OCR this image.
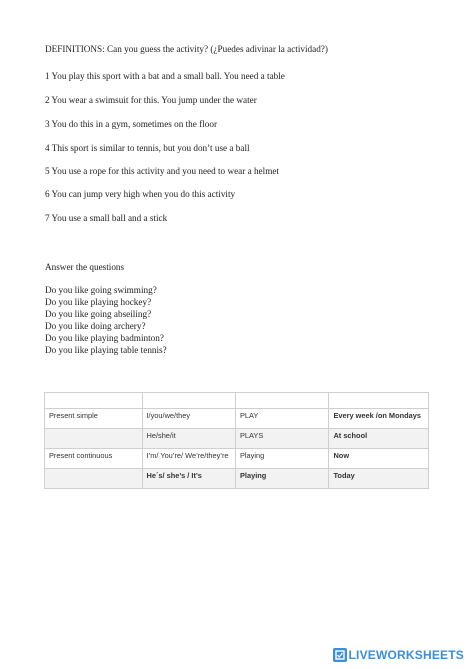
DEFINITIONS: Can you guess the activity? (¿Puedes adivinar la actividad?)
1 You play this sport with a bat and a small ball. You need a table
2 You wear a swimsuit for this. You jump under the water
3 You do this in a gym, sometimes on the floor
4 This sport is similar to tennis, but you don’t use a ball
5 You use a rope for this activity and you need to wear a helmet
6 You can jump very high when you do this activity
7 You use a small ball and a stick
Answer the questions
Do you like going swimming?
Do you like playing hockey?
Do you like going abseiling?
Do you like doing archery?
Do you like playing badminton?
Do you like playing table tennis?

Present simple	I/you/we/they	PLAY	Every week /on Mondays
	He/she/it	PLAYS	At school
Present continuous	I’m/ You’re/ We’re/they’re	Playing	Now
	He´s/ she’s / It’s	Playing	Today
LIVEWORKSHEETS
